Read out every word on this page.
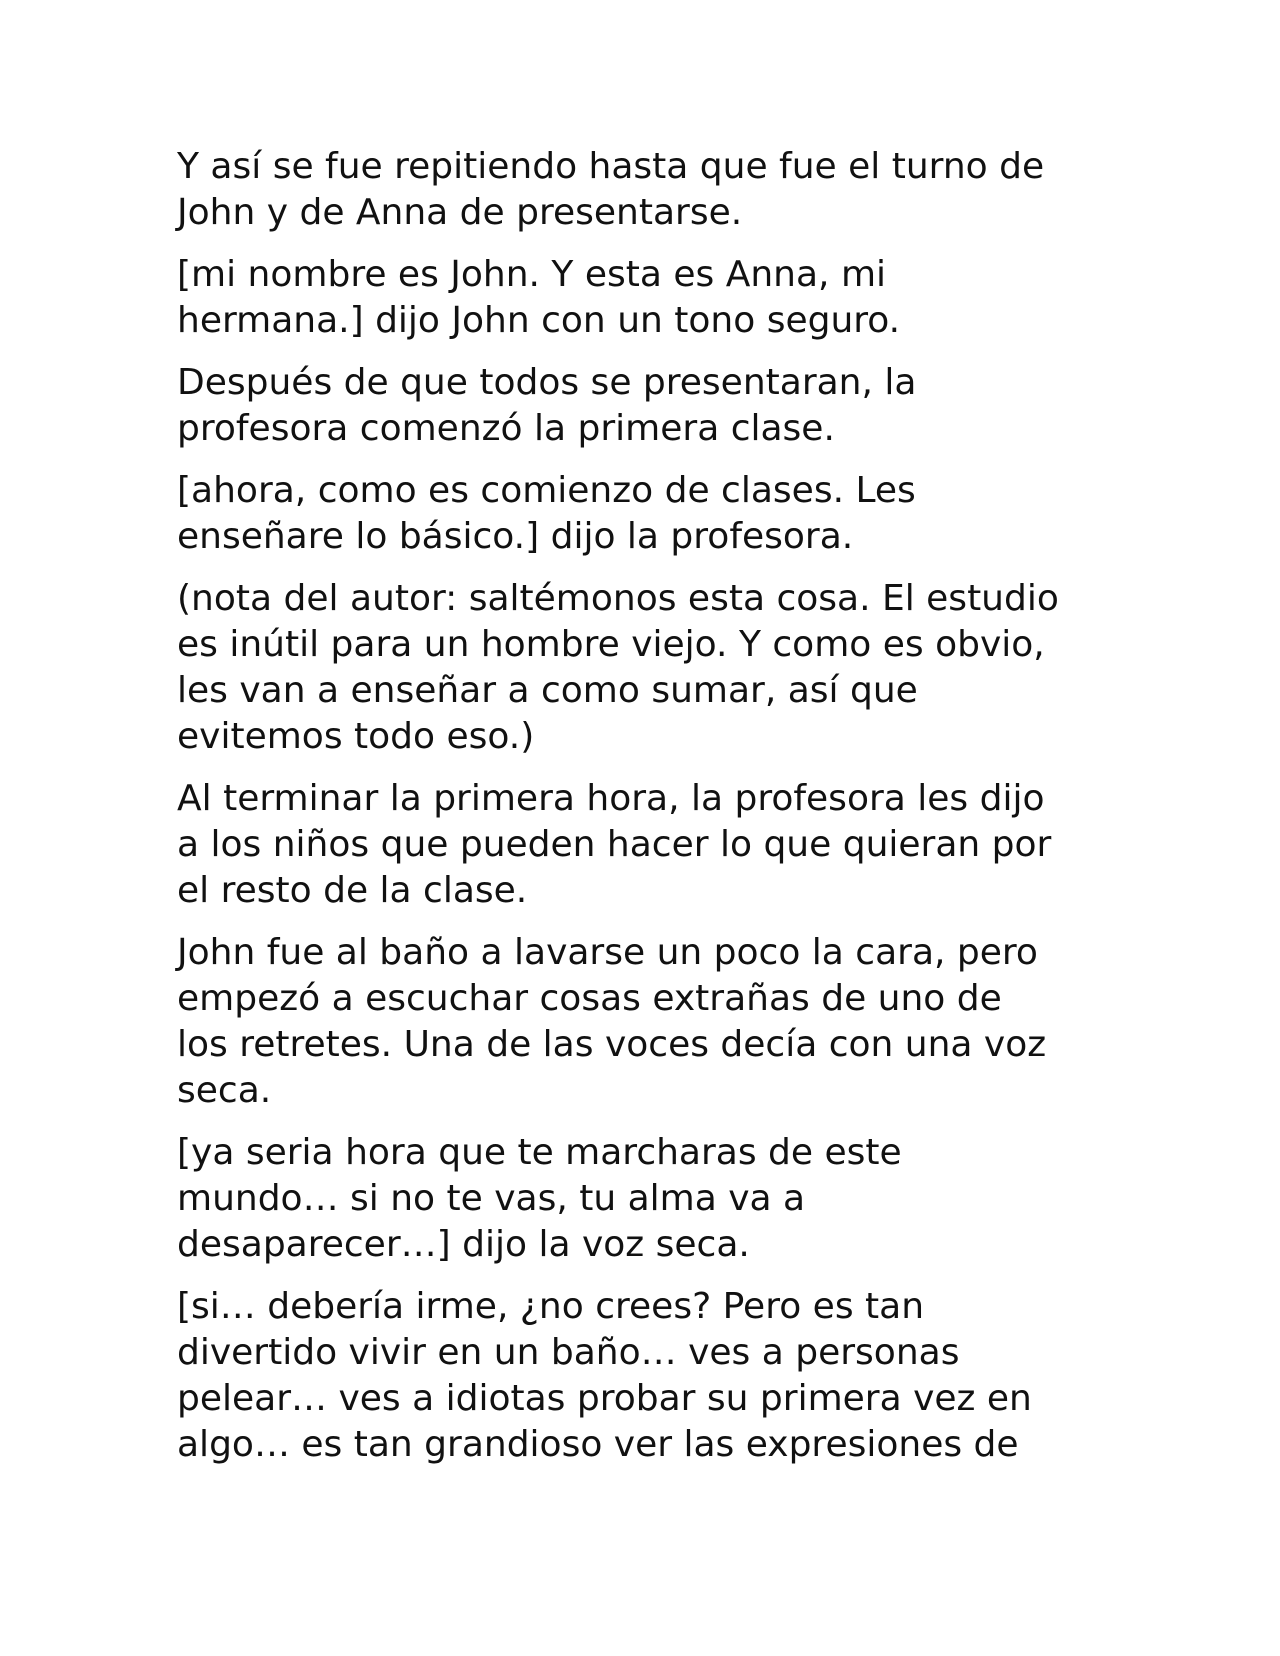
Y así se fue repitiendo hasta que fue el turno de
John y de Anna de presentarse.

[mi nombre es John. Y esta es Anna, mi
hermana.] dijo John con un tono seguro.

Después de que todos se presentaran, la
profesora comenzó la primera clase.

[ahora, como es comienzo de clases. Les
enseñare lo básico.] dijo la profesora.

(nota del autor: saltémonos esta cosa. El estudio
es inútil para un hombre viejo. Y como es obvio,
les van a enseñar a como sumar, así que
evitemos todo eso.)

Al terminar la primera hora, la profesora les dijo
a los niños que pueden hacer lo que quieran por
el resto de la clase.

John fue al baño a lavarse un poco la cara, pero
empezó a escuchar cosas extrañas de uno de
los retretes. Una de las voces decía con una voz
seca.

[ya seria hora que te marcharas de este
mundo… si no te vas, tu alma va a
desaparecer…] dijo la voz seca.

[si… debería irme, ¿no crees? Pero es tan
divertido vivir en un baño… ves a personas
pelear… ves a idiotas probar su primera vez en
algo… es tan grandioso ver las expresiones de
